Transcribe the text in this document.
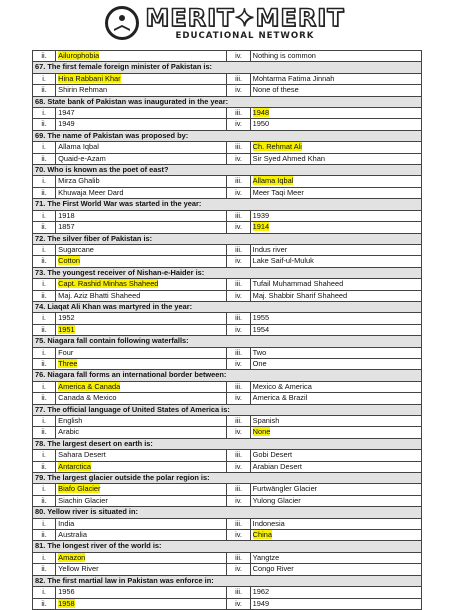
MERIT✦MERIT
EDUCATIONAL NETWORK
ii.	Ailurophobia	iv.	Nothing is common
67. The first female foreign minister of Pakistan is:			
i.	Hina Rabbani Khar	iii.	Mohtarma Fatima Jinnah
ii.	Shirin Rehman	iv.	None of these
68. State bank of Pakistan was inaugurated in the year:			
i.	1947	iii.	1948
ii.	1949	iv.	1950
69. The name of Pakistan was proposed by:			
i.	Allama Iqbal	iii.	Ch. Rehmat Ali
ii.	Quaid-e-Azam	iv.	Sir Syed Ahmed Khan
70. Who is known as the poet of east?			
i.	Mirza Ghalib	iii.	Allama Iqbal
ii.	Khuwaja Meer Dard	iv.	Meer Taqi Meer
71. The First World War was started in the year:			
i.	1918	iii.	1939
ii.	1857	iv.	1914
72. The silver fiber of Pakistan is:			
i.	Sugarcane	iii.	Indus river
ii.	Cotton	iv.	Lake Saif-ul-Muluk
73. The youngest receiver of Nishan-e-Haider is:			
i.	Capt. Rashid Minhas Shaheed	iii.	Tufail Muhammad Shaheed
ii.	Maj. Aziz Bhatti Shaheed	iv.	Maj. Shabbir Sharif Shaheed
74. Liaqat Ali Khan was martyred in the year:			
i.	1952	iii.	1955
ii.	1951	iv.	1954
75. Niagara fall contain following waterfalls:			
i.	Four	iii.	Two
ii.	Three	iv.	One
76. Niagara fall forms an international border between:			
i.	America & Canada	iii.	Mexico & America
ii.	Canada & Mexico	iv.	America & Brazil
77. The official language of United States of America is:			
i.	English	iii.	Spanish
ii.	Arabic	iv.	None
78. The largest desert on earth is:			
i.	Sahara Desert	iii.	Gobi Desert
ii.	Antarctica	iv.	Arabian Desert
79. The largest glacier outside the polar region is:			
i.	Biafo Glacier	iii.	Furtwängler Glacier
ii.	Siachin Glacier	iv.	Yulong Glacier
80. Yellow river is situated in:			
i.	India	iii.	Indonesia
ii.	Australia	iv.	China
81. The longest river of the world is:			
i.	Amazon	iii.	Yangtze
ii.	Yellow River	iv.	Congo River
82. The first martial law in Pakistan was enforce in:			
i.	1956	iii.	1962
ii.	1958	iv.	1949
